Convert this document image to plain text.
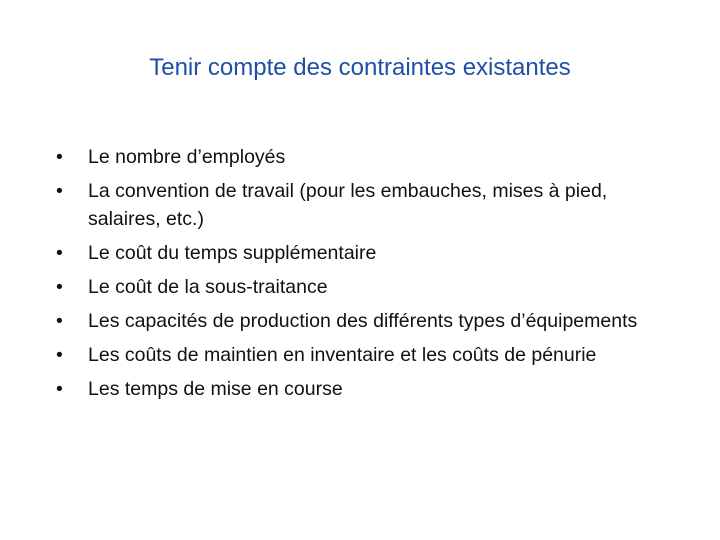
Tenir compte des contraintes existantes
•	Le nombre d’employés
•	La convention de travail (pour les embauches, mises à pied, salaires, etc.)
•	Le coût du temps supplémentaire
•	Le coût de la sous-traitance
•	Les capacités de production des différents types d’équipements
•	Les coûts de maintien en inventaire et les coûts de pénurie
•	Les temps de mise en course
